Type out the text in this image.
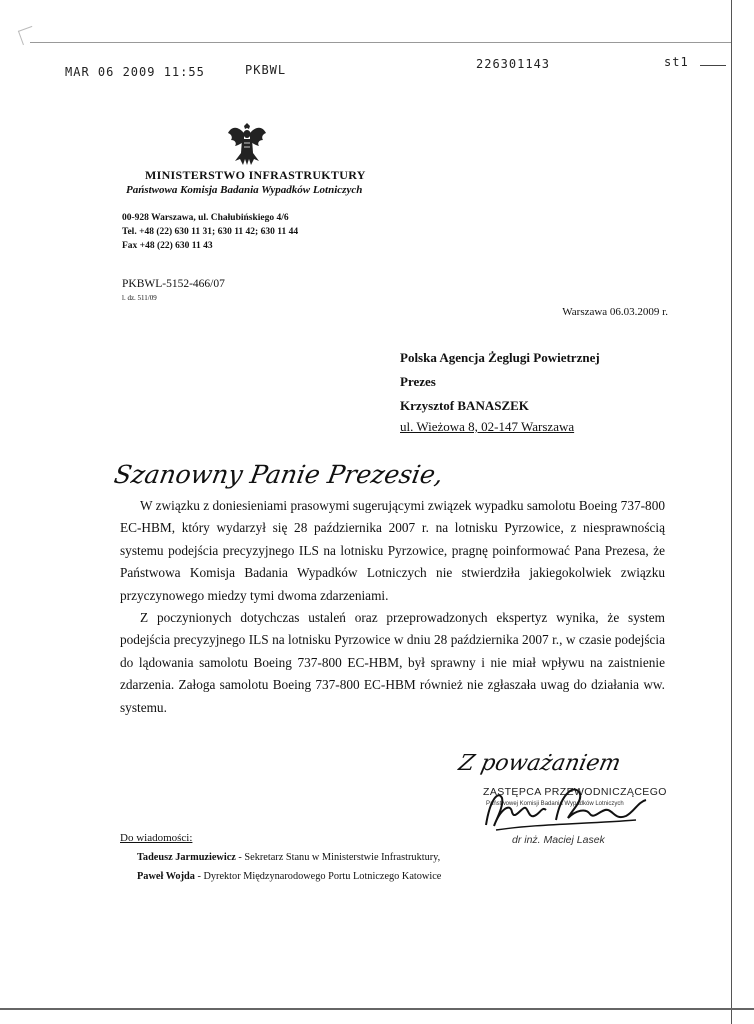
MAR 06 2009 11:55	PKBWL	226301143	st1
MINISTERSTWO INFRASTRUKTURY
Państwowa Komisja Badania Wypadków Lotniczych
00-928 Warszawa, ul. Chałubińskiego 4/6
Tel. +48 (22) 630 11 31; 630 11 42; 630 11 44
Fax +48 (22) 630 11 43
PKBWL-5152-466/07
l. dz. 511/09
Warszawa 06.03.2009 r.
Polska Agencja Żeglugi Powietrznej
Prezes
Krzysztof BANASZEK
ul. Wieżowa 8, 02-147 Warszawa
Szanowny Panie Prezesie,

W związku z doniesieniami prasowymi sugerującymi związek wypadku samolotu Boeing 737-800 EC-HBM, który wydarzył się 28 października 2007 r. na lotnisku Pyrzowice, z niesprawnością systemu podejścia precyzyjnego ILS na lotnisku Pyrzowice, pragnę poinformować Pana Prezesa, że Państwowa Komisja Badania Wypadków Lotniczych nie stwierdziła jakiegokolwiek związku przyczynowego miedzy tymi dwoma zdarzeniami.

Z poczynionych dotychczas ustaleń oraz przeprowadzonych ekspertyz wynika, że system podejścia precyzyjnego ILS na lotnisku Pyrzowice w dniu 28 października 2007 r., w czasie podejścia do lądowania samolotu Boeing 737-800 EC-HBM, był sprawny i nie miał wpływu na zaistnienie zdarzenia. Załoga samolotu Boeing 737-800 EC-HBM również nie zgłaszała uwag do działania ww. systemu.

Z poważaniem
ZASTĘPCA PRZEWODNICZĄCEGO
Państwowej Komisji Badania Wypadków Lotniczych
dr inż. Maciej Lasek
Do wiadomości:
Tadeusz Jarmuziewicz - Sekretarz Stanu w Ministerstwie Infrastruktury,
Paweł Wojda - Dyrektor Międzynarodowego Portu Lotniczego Katowice
